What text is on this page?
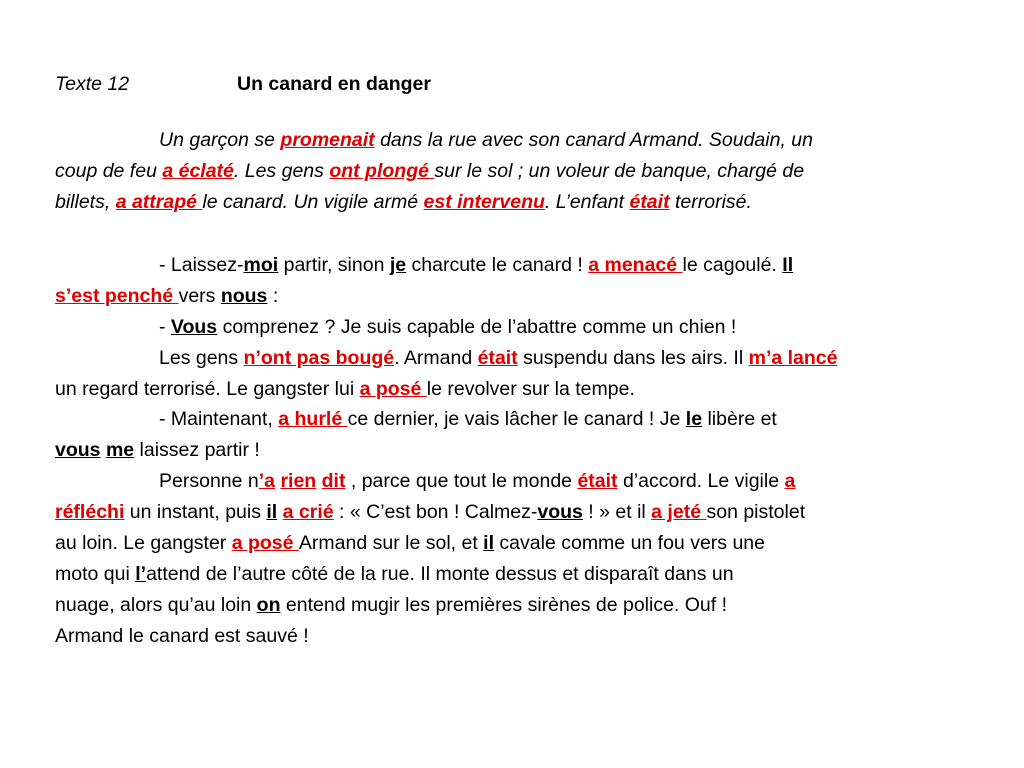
Texte 12	Un canard en danger
Un garçon se promenait dans la rue avec son canard Armand. Soudain, un
coup de feu a éclaté. Les gens ont plongé sur le sol ; un voleur de banque, chargé de
billets, a attrapé le canard. Un vigile armé est intervenu. L’enfant était terrorisé.
- Laissez-moi partir, sinon je charcute le canard ! a menacé le cagoulé. Il
s’est penché vers nous :
- Vous comprenez ? Je suis capable de l’abattre comme un chien !
Les gens n’ont pas bougé. Armand était suspendu dans les airs. Il m’a lancé
un regard terrorisé. Le gangster lui a posé le revolver sur la tempe.
- Maintenant, a hurlé ce dernier, je vais lâcher le canard ! Je le libère et
vous me laissez partir !
Personne n’a rien dit , parce que tout le monde était d’accord. Le vigile a
réfléchi un instant, puis il a crié : « C’est bon ! Calmez-vous ! » et il a jeté son pistolet
au loin. Le gangster a posé Armand sur le sol, et il cavale comme un fou vers une
moto qui l’attend de l’autre côté de la rue. Il monte dessus et disparaît dans un
nuage, alors qu’au loin on entend mugir les premières sirènes de police. Ouf !
Armand le canard est sauvé !
